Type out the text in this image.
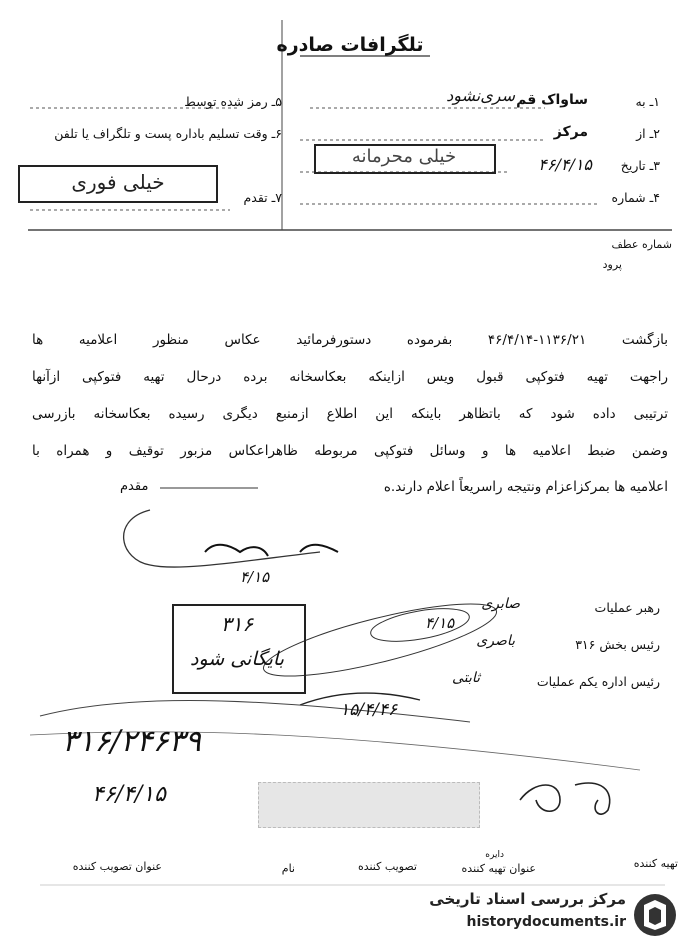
تلگرافات صادره
۱ـ به
ساواک قم
سری‌نشود
۲ـ از
مرکز
۳ـ تاریخ
۴۶/۴/۱۵
۴ـ شماره
خیلی محرمانه
۵ـ رمز شده توسط
۶ـ وقت تسلیم باداره پست و تلگراف یا تلفن
۷ـ تقدم
خیلی فوری
شماره عطف
پرود
بازگشت ۱۱۳۶/۲۱-۴۶/۴/۱۴ بفرموده دستورفرمائید عکاس منظور اعلامیه ها
راجهت تهیه فتوکپی قبول ویس ازاینکه بعکاسخانه برده درحال تهیه فتوکپی ازآنها
ترتیبی داده شود که باتظاهر باینکه این اطلاع ازمنبع دیگری رسیده بعکاسخانه بازرسی
وضمن ضبط اعلامیه ها و وسائل فتوکپی مربوطه ظاهراعکاس مزبور توقیف و همراه با
اعلامیه ها بمرکزاعزام ونتیجه راسریعاً اعلام دارند.ه
مقدم
۴/۱۵
رهبر عملیات
صابری
۴/۱۵
رئیس بخش ۳۱۶
باصری
رئیس اداره یکم عملیات
ثابتی
۳۱۶
بایگانی شود
۱۵/۴/۴۶
۳۱۶/۲۴۶۳۹
۴۶/۴/۱۵
تهیه کننده
دایره
عنوان تهیه کننده
تصویب کننده
نام
عنوان تصویب کننده
مرکز بررسی اسناد تاریخی
historydocuments.ir
